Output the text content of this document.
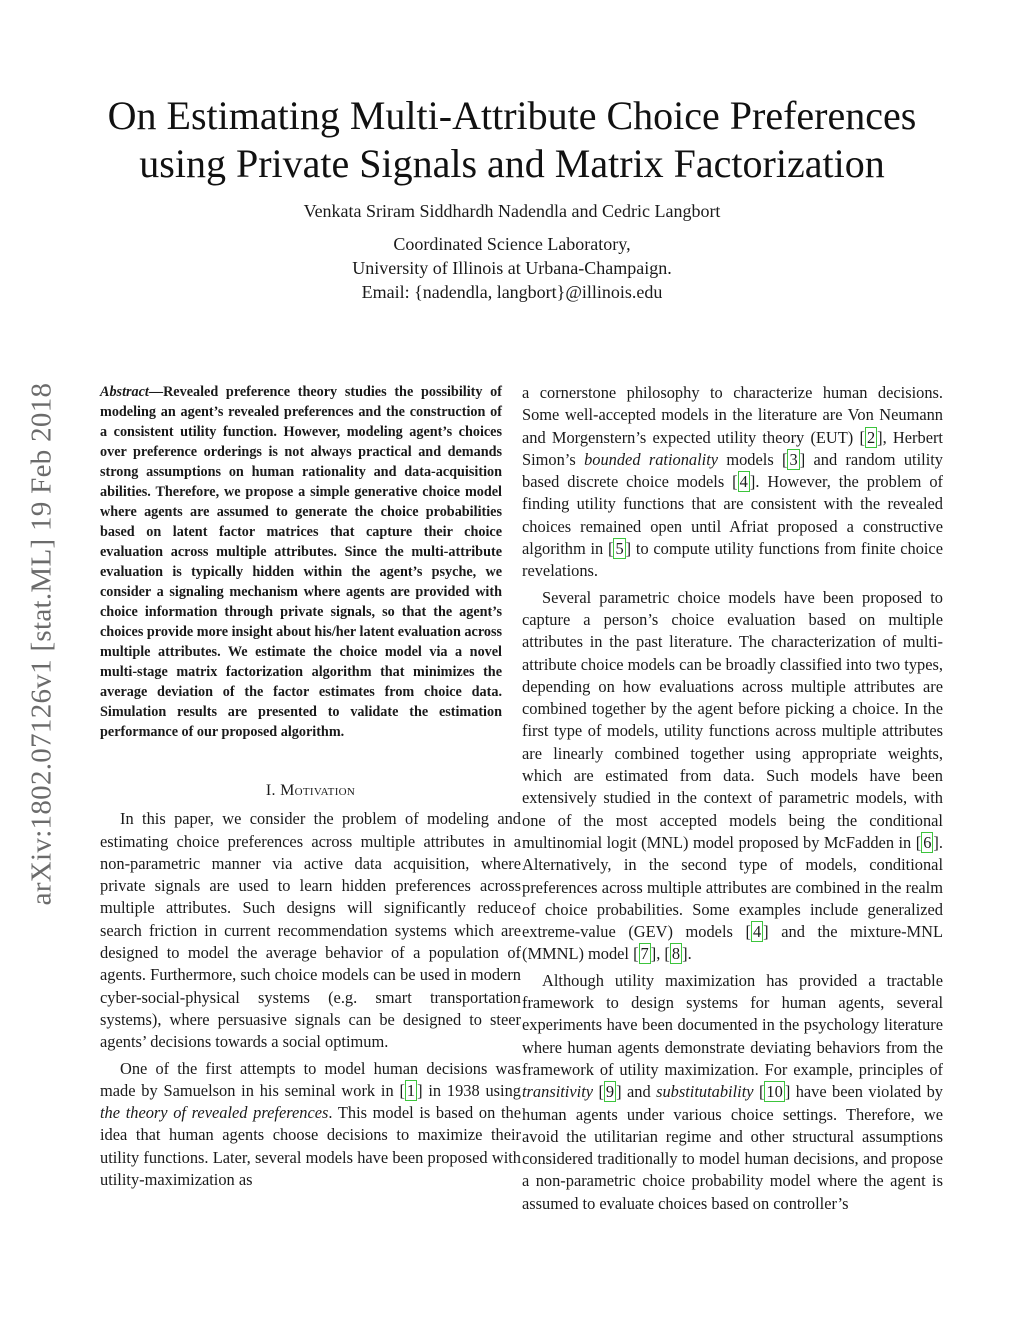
On Estimating Multi-Attribute Choice Preferences
using Private Signals and Matrix Factorization
Venkata Sriram Siddhardh Nadendla and Cedric Langbort
Coordinated Science Laboratory,
University of Illinois at Urbana-Champaign.
Email: {nadendla, langbort}@illinois.edu
arXiv:1802.07126v1 [stat.ML] 19 Feb 2018	Abstract—Revealed preference theory studies the possibility of modeling an agent’s revealed preferences and the construction of a consistent utility function. However, modeling agent’s choices over preference orderings is not always practical and demands strong assumptions on human rationality and data-acquisition abilities. Therefore, we propose a simple generative choice model where agents are assumed to generate the choice probabilities based on latent factor matrices that capture their choice evaluation across multiple attributes. Since the multi-attribute evaluation is typically hidden within the agent’s psyche, we consider a signaling mechanism where agents are provided with choice information through private signals, so that the agent’s choices provide more insight about his/her latent evaluation across multiple attributes. We estimate the choice model via a novel multi-stage matrix factorization algorithm that minimizes the average deviation of the factor estimates from choice data. Simulation results are presented to validate the estimation performance of our proposed algorithm.

I. Motivation

In this paper, we consider the problem of modeling and estimating choice preferences across multiple attributes in a non-parametric manner via active data acquisition, where private signals are used to learn hidden preferences across multiple attributes. Such designs will significantly reduce search friction in current recommendation systems which are designed to model the average behavior of a population of agents. Furthermore, such choice models can be used in modern cyber-social-physical systems (e.g. smart transportation systems), where persuasive signals can be designed to steer agents’ decisions towards a social optimum.

One of the first attempts to model human decisions was made by Samuelson in his seminal work in [ 1 ] in 1938 using the theory of revealed preferences. This model is based on the idea that human agents choose decisions to maximize their utility functions. Later, several models have been proposed with utility-maximization as

a cornerstone philosophy to characterize human decisions. Some well-accepted models in the literature are Von Neumann and Morgenstern’s expected utility theory (EUT) [ 2 ], Herbert Simon’s bounded rationality models [ 3 ] and random utility based discrete choice models [ 4 ]. However, the problem of finding utility functions that are consistent with the revealed choices remained open until Afriat proposed a constructive algorithm in [ 5 ] to compute utility functions from finite choice revelations.

Several parametric choice models have been proposed to capture a person’s choice evaluation based on multiple attributes in the past literature. The characterization of multi-attribute choice models can be broadly classified into two types, depending on how evaluations across multiple attributes are combined together by the agent before picking a choice. In the first type of models, utility functions across multiple attributes are linearly combined together using appropriate weights, which are estimated from data. Such models have been extensively studied in the context of parametric models, with one of the most accepted models being the conditional multinomial logit (MNL) model proposed by McFadden in [ 6 ]. Alternatively, in the second type of models, conditional preferences across multiple attributes are combined in the realm of choice probabilities. Some examples include generalized extreme-value (GEV) models [ 4 ] and the mixture-MNL (MMNL) model [ 7 ], [ 8 ].

Although utility maximization has provided a tractable framework to design systems for human agents, several experiments have been documented in the psychology literature where human agents demonstrate deviating behaviors from the framework of utility maximization. For example, principles of transitivity [ 9 ] and substitutability [ 10 ] have been violated by human agents under various choice settings. Therefore, we avoid the utilitarian regime and other structural assumptions considered traditionally to model human decisions, and propose a non-parametric choice probability model where the agent is assumed to evaluate choices based on controller’s
